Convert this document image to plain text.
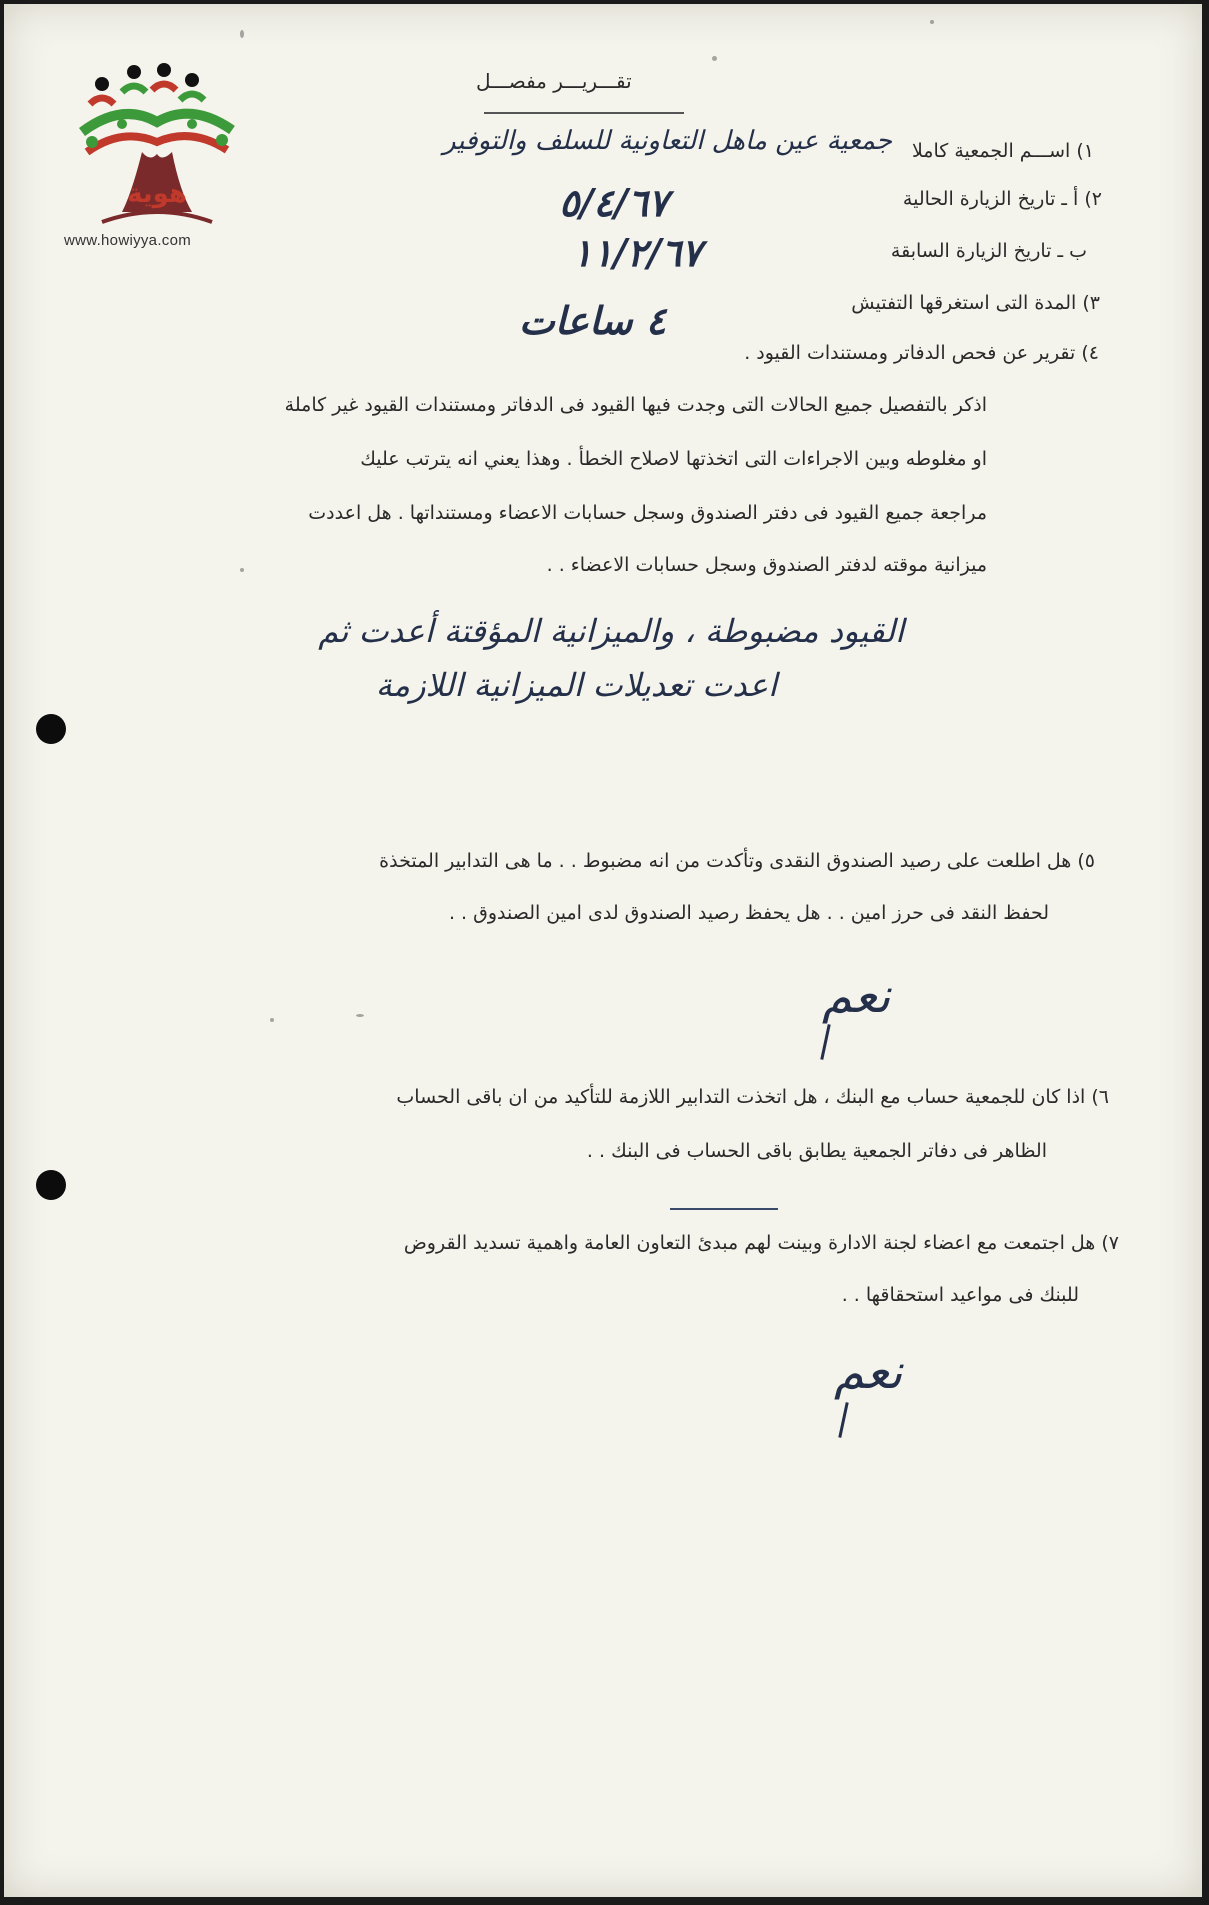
هوية
www.howiyya.com
تقـــريـــر مفصـــل
١) اســـم الجمعية كاملا
جمعية عين ماهل التعاونية للسلف والتوفير
٢) أ ـ تاريخ الزيارة الحالية
٥/٤/٦٧
ب ـ تاريخ الزيارة السابقة
١١/٢/٦٧
٣) المدة التى استغرقها التفتيش
٤ ساعات
٤) تقرير عن فحص الدفاتر ومستندات القيود .
اذكر بالتفصيل جميع الحالات التى وجدت فيها القيود فى الدفاتر ومستندات القيود غير كاملة
او مغلوطه وبين الاجراءات التى اتخذتها لاصلاح الخطأ . وهذا يعني انه يترتب عليك
مراجعة جميع القيود فى دفتر الصندوق وسجل حسابات الاعضاء ومستنداتها . هل اعددت
ميزانية موقته لدفتر الصندوق وسجل حسابات الاعضاء . .
القيود مضبوطة ، والميزانية المؤقتة أعدت ثم
اعدت تعديلات الميزانية اللازمة
٥) هل اطلعت على رصيد الصندوق النقدى وتأكدت من انه مضبوط . . ما هى التدابير المتخذة
لحفظ النقد فى حرز امين . . هل يحفظ رصيد الصندوق لدى امين الصندوق . .
نعم
٦) اذا كان للجمعية حساب مع البنك ، هل اتخذت التدابير اللازمة للتأكيد من ان باقى الحساب
الظاهر فى دفاتر الجمعية يطابق باقى الحساب فى البنك . .
٧) هل اجتمعت مع اعضاء لجنة الادارة وبينت لهم مبدئ التعاون العامة واهمية تسديد القروض
للبنك فى مواعيد استحقاقها . .
نعم
